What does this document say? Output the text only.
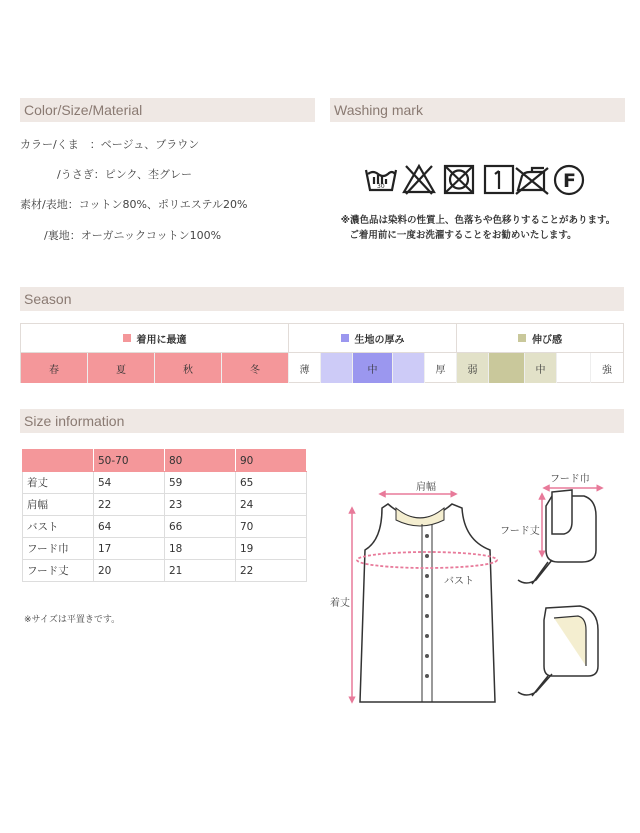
Color/Size/Material	Washing mark
カラー/くま　：ベージュ、ブラウン
/うさぎ：ピンク、杢グレー
素材/表地：コットン80%、ポリエステル20%
/裏地：オーガニックコットン100%
30	F
※濃色品は染料の性質上、色落ちや色移りすることがあります。
ご着用前に一度お洗濯することをお勧めいたします。
Season
着用に最適	生地の厚み	伸び感
春	夏	秋	冬	薄	中	厚	弱	中	強
Size information
	50-70	80	90
着丈	54	59	65
肩幅	22	23	24
バスト	64	66	70
フード巾	17	18	19
フード丈	20	21	22
※サイズは平置きです。
肩幅
バスト
着丈
フード巾
フード丈
